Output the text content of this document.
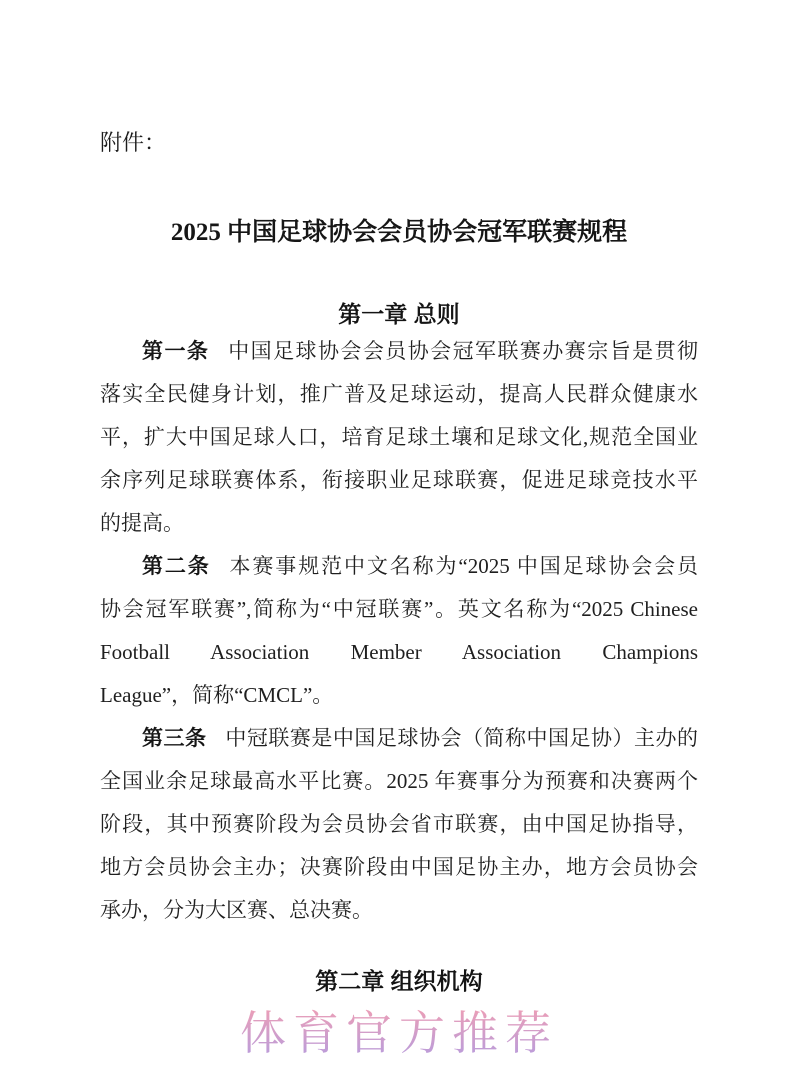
附件：
2025 中国足球协会会员协会冠军联赛规程
第一章 总则

第一条 中国足球协会会员协会冠军联赛办赛宗旨是贯彻

落实全民健身计划，推广普及足球运动，提高人民群众健康水

平，扩大中国足球人口，培育足球土壤和足球文化,规范全国业

余序列足球联赛体系，衔接职业足球联赛，促进足球竞技水平

的提高。

第二条 本赛事规范中文名称为“2025 中国足球协会会员

协会冠军联赛”,简称为“中冠联赛”。英文名称为“2025 Chinese

Football Association Member Association Champions

League”，简称“CMCL”。

第三条 中冠联赛是中国足球协会（简称中国足协）主办的

全国业余足球最高水平比赛。2025 年赛事分为预赛和决赛两个

阶段，其中预赛阶段为会员协会省市联赛，由中国足协指导，

地方会员协会主办；决赛阶段由中国足协主办，地方会员协会

承办，分为大区赛、总决赛。

第二章 组织机构
体育官方推荐
